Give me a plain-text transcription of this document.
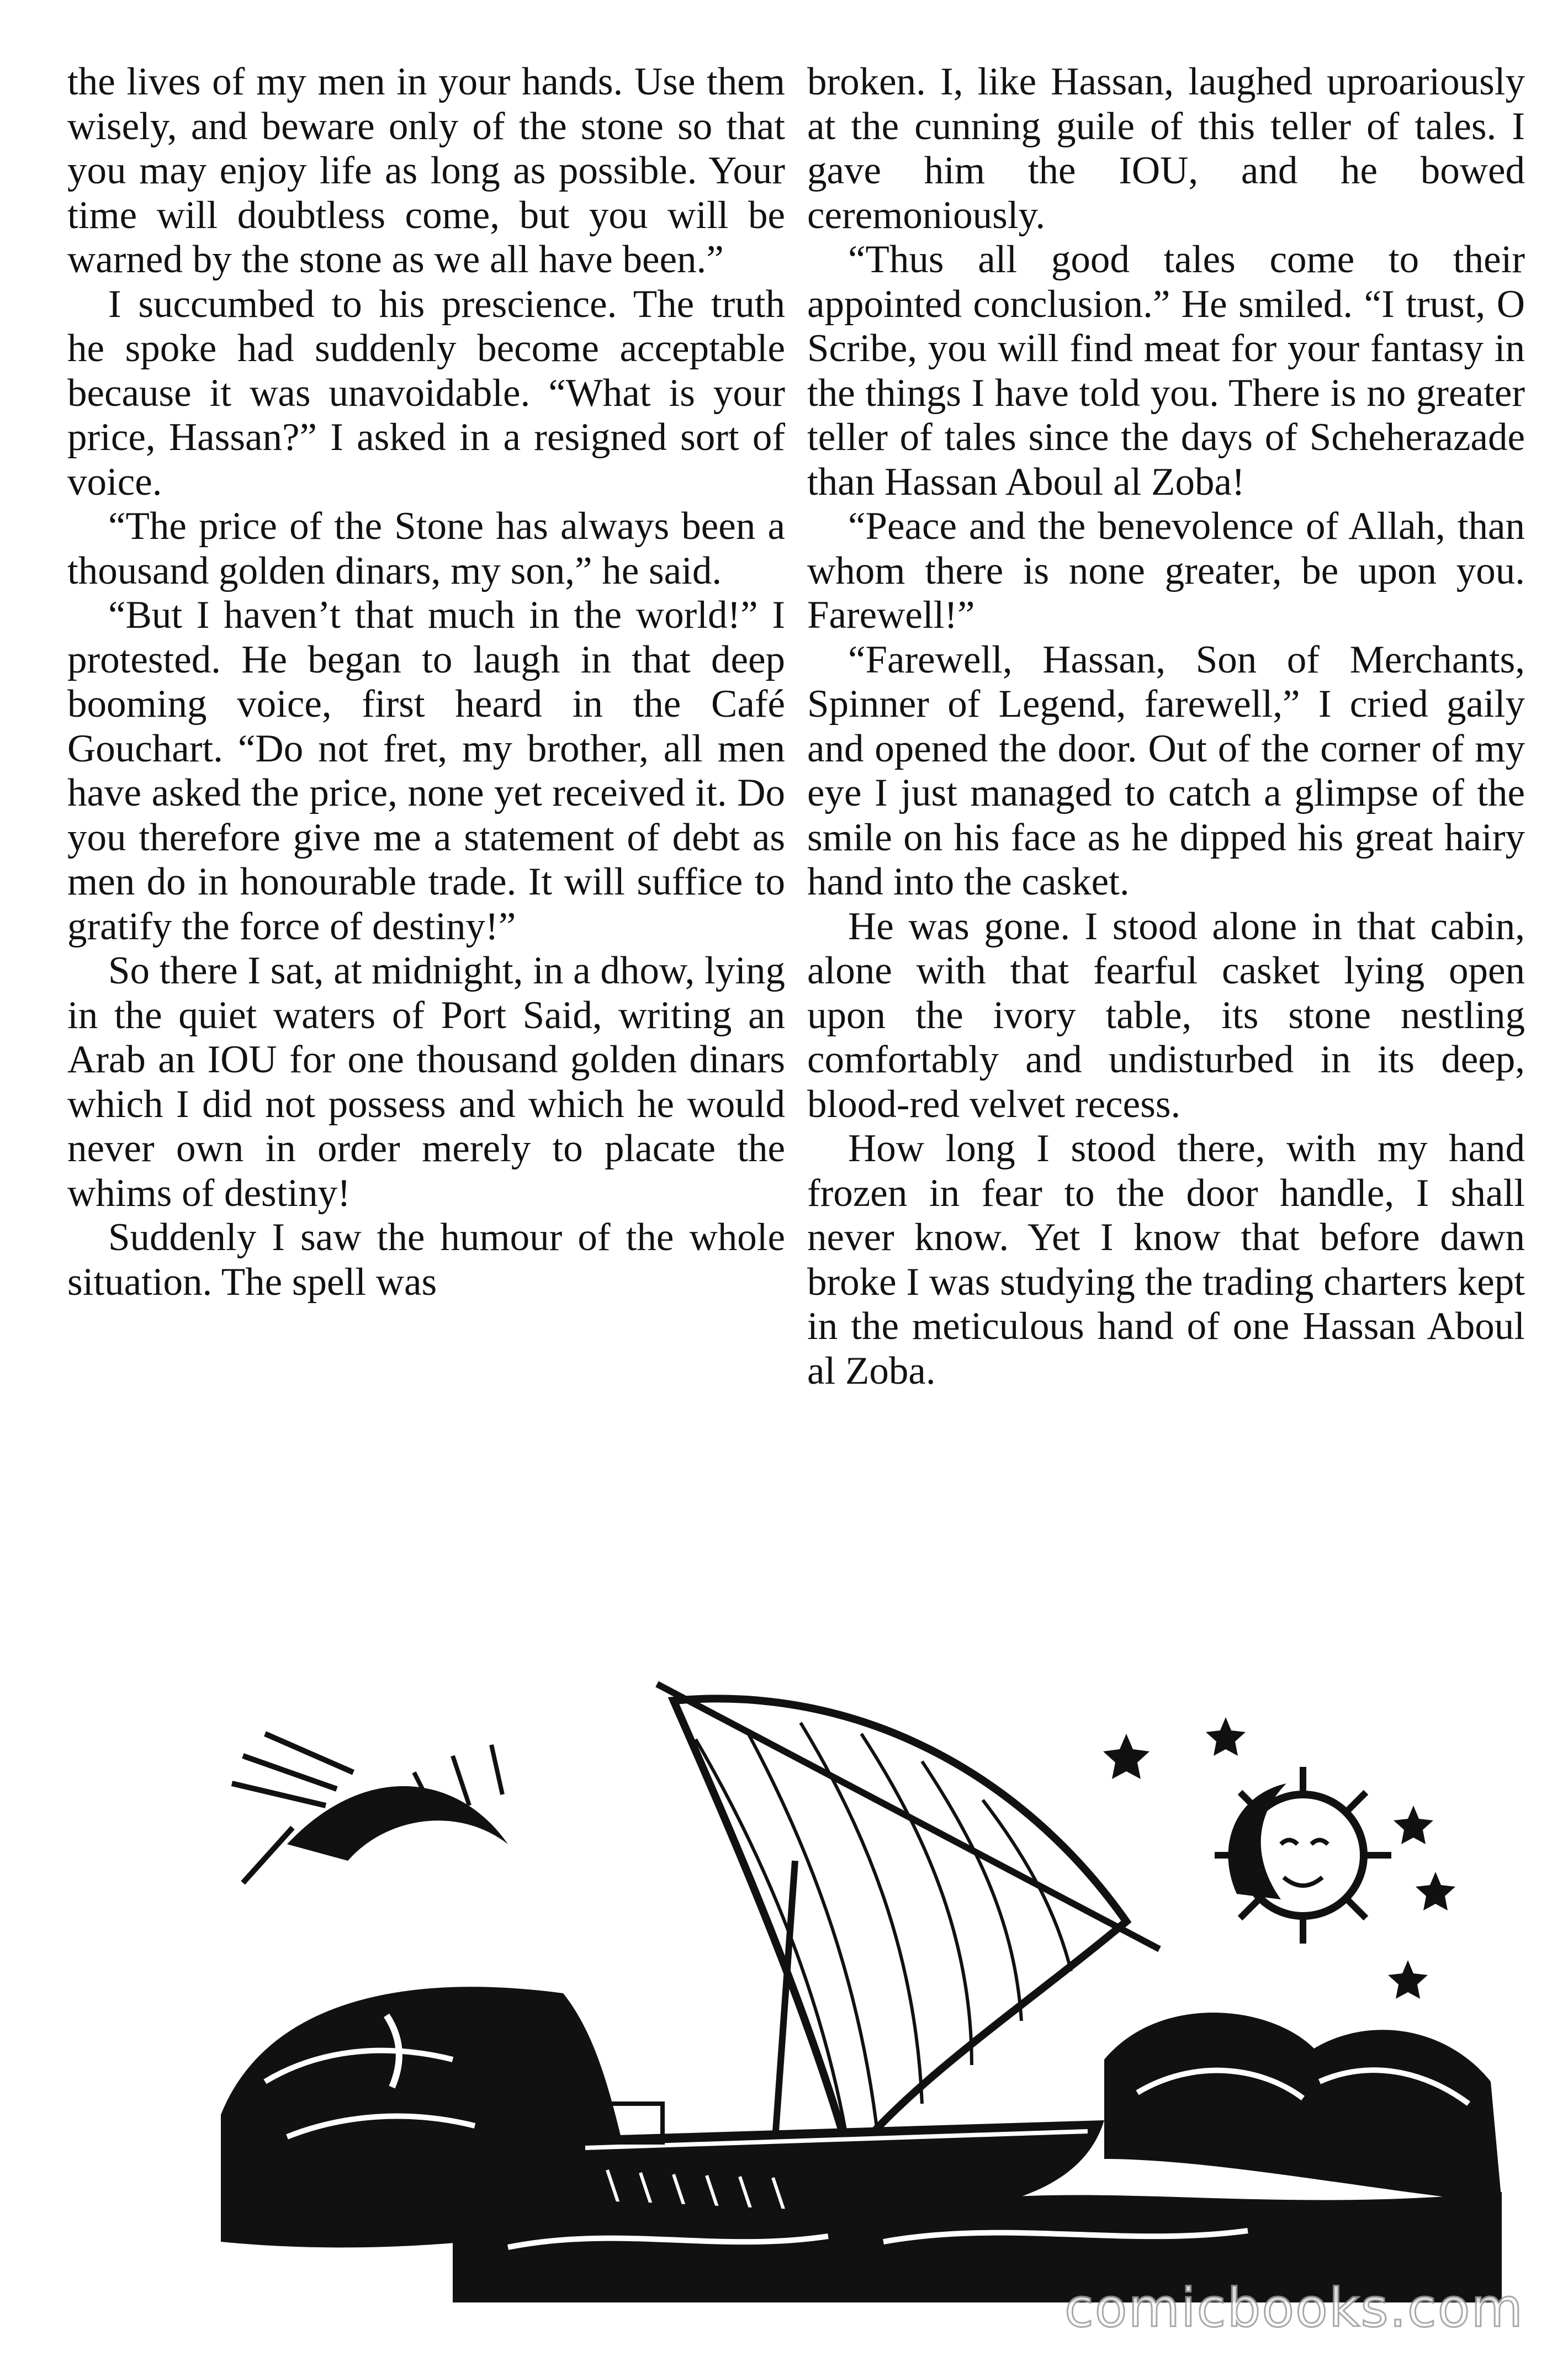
the lives of my men in your hands. Use them wisely, and beware only of the stone so that you may enjoy life as long as possible. Your time will doubtless come, but you will be warned by the stone as we all have been.”

I succumbed to his prescience. The truth he spoke had suddenly become acceptable because it was unavoidable. “What is your price, Hassan?” I asked in a resigned sort of voice.

“The price of the Stone has always been a thousand golden dinars, my son,” he said.

“But I haven’t that much in the world!” I protested. He began to laugh in that deep booming voice, first heard in the Café Gouchart. “Do not fret, my brother, all men have asked the price, none yet received it. Do you therefore give me a statement of debt as men do in honourable trade. It will suffice to gratify the force of destiny!”

So there I sat, at midnight, in a dhow, lying in the quiet waters of Port Said, writing an Arab an IOU for one thousand golden dinars which I did not possess and which he would never own in order merely to placate the whims of destiny!

Suddenly I saw the humour of the whole situation. The spell was

broken. I, like Hassan, laughed uproariously at the cunning guile of this teller of tales. I gave him the IOU, and he bowed ceremoniously.

“Thus all good tales come to their appointed conclusion.” He smiled. “I trust, O Scribe, you will find meat for your fantasy in the things I have told you. There is no greater teller of tales since the days of Scheherazade than Hassan Aboul al Zoba!

“Peace and the benevolence of Allah, than whom there is none greater, be upon you. Farewell!”

“Farewell, Hassan, Son of Merchants, Spinner of Legend, farewell,” I cried gaily and opened the door. Out of the corner of my eye I just managed to catch a glimpse of the smile on his face as he dipped his great hairy hand into the casket.

He was gone. I stood alone in that cabin, alone with that fearful casket lying open upon the ivory table, its stone nestling comfortably and undisturbed in its deep, blood-red velvet recess.

How long I stood there, with my hand frozen in fear to the door handle, I shall never know. Yet I know that before dawn broke I was studying the trading charters kept in the meticulous hand of one Hassan Aboul al Zoba.

comicbooks.com
